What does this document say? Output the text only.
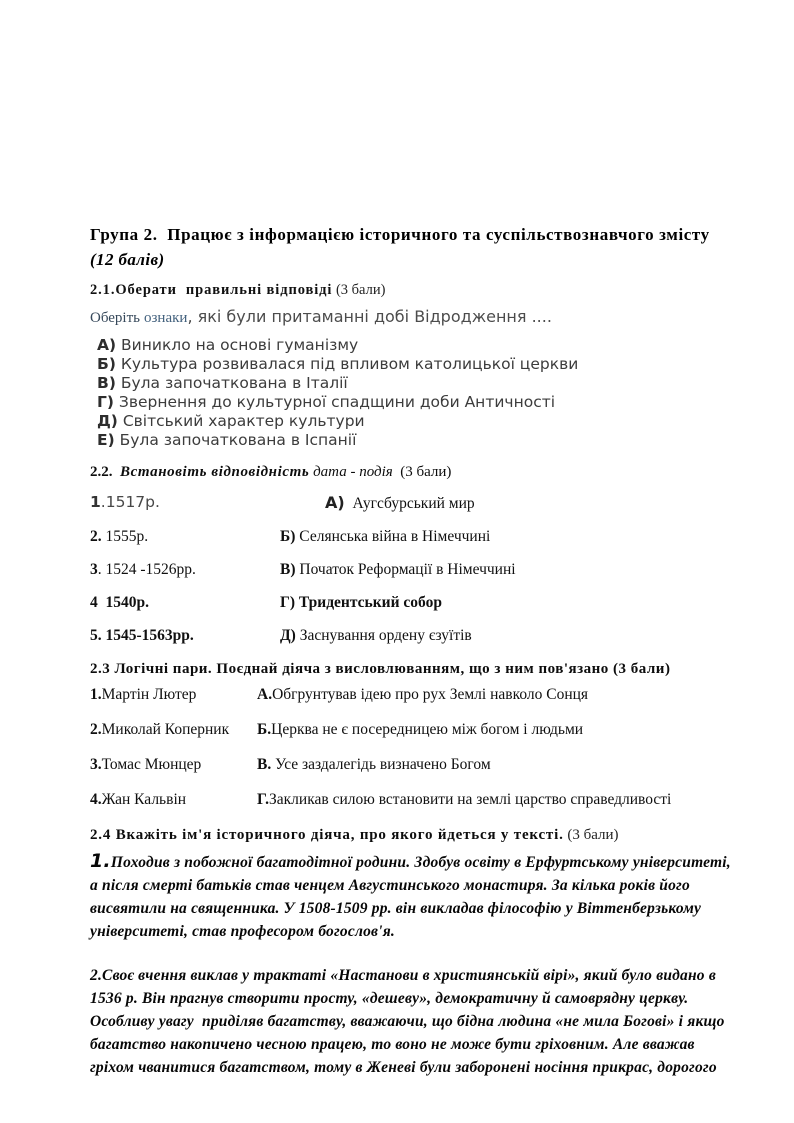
Група 2.  Працює з інформацією історичного та суспільствознавчого змісту
(12 балів)
2.1.Оберати  правильні відповіді (3 бали)
Оберіть ознаки, які були притаманні добі Відродження ....
А) Виникло на основі гуманізму
Б) Культура розвивалася під впливом католицької церкви
В) Була започаткована в Італії
Г) Звернення до культурної спадщини доби Античності
Д) Світський характер культури
Е) Була започаткована в Іспанії
2.2. Встановіть відповідність дата - подія (3 бали)
1.1517р.	А) Аугсбурський мир
2. 1555р.	Б) Селянська війна в Німеччині
3. 1524 -1526рр.	В) Початок Реформації в Німеччині
4  1540р.	Г) Тридентський собор
5. 1545-1563рр.	Д) Заснування ордену єзуїтів
2.3 Логічні пари. Поєднай діяча з висловлюванням, що з ним пов'язано (3 бали)
1.Мартін Лютер	А.Обгрунтував ідею про рух Землі навколо Сонця
2.Миколай Коперник	Б.Церква не є посередницею між богом і людьми
3.Томас Мюнцер	В. Усе заздалегідь визначено Богом
4.Жан Кальвін	Г.Закликав силою встановити на землі царство справедливості
2.4 Вкажіть ім'я історичного діяча, про якого йдеться у тексті. (3 бали)

1.Походив з побожної багатодітної родини. Здобув освіту в Ерфуртському університеті, а після смерті батьків став ченцем Августинського монастиря. За кілька років його  висвятили на священника. У 1508-1509 рр. він викладав філософію у Віттенберзькому університеті, став професором богослов'я.

2.Своє вчення виклав у трактаті «Настанови в християнській вірі», який було видано в 1536 р. Він прагнув створити просту, «дешеву», демократичну й самоврядну церкву. Особливу увагу  приділяв багатству, вважаючи, що бідна людина «не мила Богові» і якщо багатство накопичено чесною працею, то воно не може бути гріховним. Але вважав гріхом чванитися багатством, тому в Женеві були заборонені носіння прикрас, дорогого
